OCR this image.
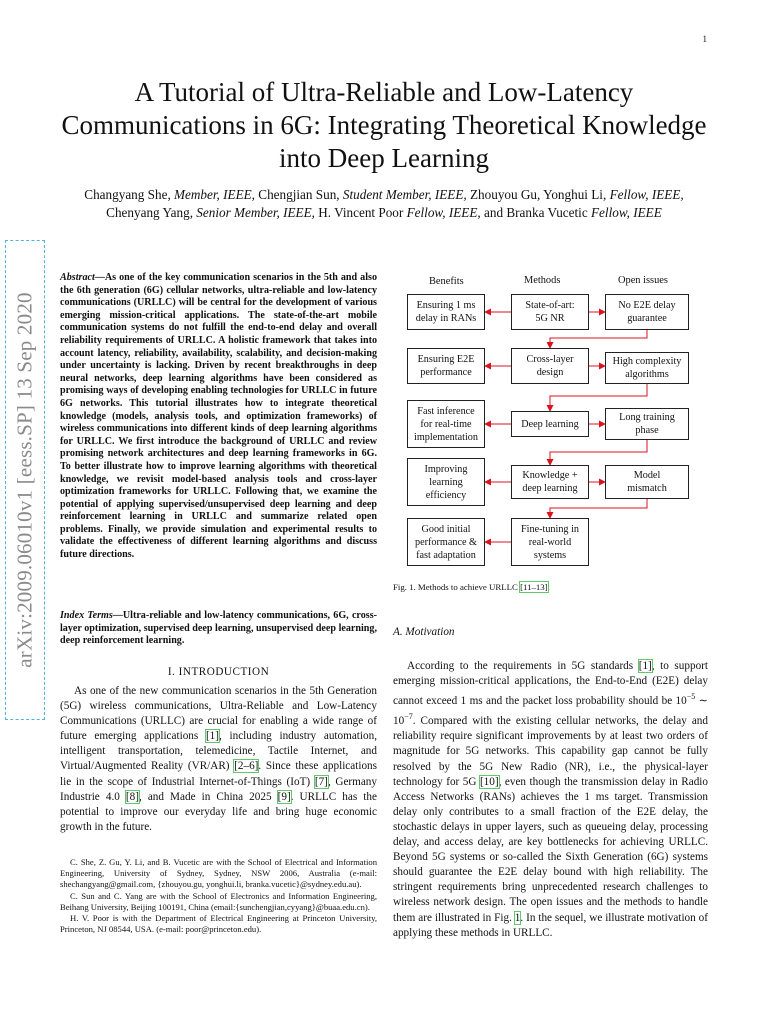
1
arXiv:2009.06010v1 [eess.SP] 13 Sep 2020
A Tutorial of Ultra-Reliable and Low-Latency Communications in 6G: Integrating Theoretical Knowledge into Deep Learning
Changyang She, Member, IEEE, Chengjian Sun, Student Member, IEEE, Zhouyou Gu, Yonghui Li, Fellow, IEEE,
Chenyang Yang, Senior Member, IEEE, H. Vincent Poor Fellow, IEEE, and Branka Vucetic Fellow, IEEE
Abstract—As one of the key communication scenarios in the 5th and also the 6th generation (6G) cellular networks, ultra-reliable and low-latency communications (URLLC) will be central for the development of various emerging mission-critical applications. The state-of-the-art mobile communication systems do not fulfill the end-to-end delay and overall reliability requirements of URLLC. A holistic framework that takes into account latency, reliability, availability, scalability, and decision-making under uncertainty is lacking. Driven by recent breakthroughs in deep neural networks, deep learning algorithms have been considered as promising ways of developing enabling technologies for URLLC in future 6G networks. This tutorial illustrates how to integrate theoretical knowledge (models, analysis tools, and optimization frameworks) of wireless communications into different kinds of deep learning algorithms for URLLC. We first introduce the background of URLLC and review promising network architectures and deep learning frameworks in 6G. To better illustrate how to improve learning algorithms with theoretical knowledge, we revisit model-based analysis tools and cross-layer optimization frameworks for URLLC. Following that, we examine the potential of applying supervised/unsupervised deep learning and deep reinforcement learning in URLLC and summarize related open problems. Finally, we provide simulation and experimental results to validate the effectiveness of different learning algorithms and discuss future directions.
Index Terms—Ultra-reliable and low-latency communications, 6G, cross-layer optimization, supervised deep learning, unsupervised deep learning, deep reinforcement learning.
I. INTRODUCTION
As one of the new communication scenarios in the 5th Generation (5G) wireless communications, Ultra-Reliable and Low-Latency Communications (URLLC) are crucial for enabling a wide range of future emerging applications [1], including industry automation, intelligent transportation, telemedicine, Tactile Internet, and Virtual/Augmented Reality (VR/AR) [2–6]. Since these applications lie in the scope of Industrial Internet-of-Things (IoT) [7], Germany Industrie 4.0 [8], and Made in China 2025 [9]. URLLC has the potential to improve our everyday life and bring huge economic growth in the future.

C. She, Z. Gu, Y. Li, and B. Vucetic are with the School of Electrical and Information Engineering, University of Sydney, Sydney, NSW 2006, Australia (e-mail: shechangyang@gmail.com, {zhouyou.gu, yonghui.li, branka.vucetic}@sydney.edu.au).

C. Sun and C. Yang are with the School of Electronics and Information Engineering, Beihang University, Beijing 100191, China (email:{sunchengjian,cyyang}@buaa.edu.cn).

H. V. Poor is with the Department of Electrical Engineering at Princeton University, Princeton, NJ 08544, USA. (e-mail: poor@princeton.edu).

Benefits	Methods	Open issues
Ensuring 1 ms
delay in RANs
Ensuring E2E
performance
Fast inference
for real-time
implementation
Improving
learning
efficiency
Good initial
performance &
fast adaptation
State-of-art:
5G NR
Cross-layer
design
Deep learning
Knowledge +
deep learning
Fine-tuning in
real-world
systems
No E2E delay
guarantee
High complexity
algorithms
Long training
phase
Model
mismatch
Fig. 1. Methods to achieve URLLC [11–13].
A. Motivation
According to the requirements in 5G standards [1], to support emerging mission-critical applications, the End-to-End (E2E) delay cannot exceed 1 ms and the packet loss probability should be $10^{-5}$ ∼ $10^{-7}$. Compared with the existing cellular networks, the delay and reliability require significant improvements by at least two orders of magnitude for 5G networks. This capability gap cannot be fully resolved by the 5G New Radio (NR), i.e., the physical-layer technology for 5G [10], even though the transmission delay in Radio Access Networks (RANs) achieves the 1 ms target. Transmission delay only contributes to a small fraction of the E2E delay, the stochastic delays in upper layers, such as queueing delay, processing delay, and access delay, are key bottlenecks for achieving URLLC. Beyond 5G systems or so-called the Sixth Generation (6G) systems should guarantee the E2E delay bound with high reliability. The stringent requirements bring unprecedented research challenges to wireless network design. The open issues and the methods to handle them are illustrated in Fig. 1. In the sequel, we illustrate motivation of applying these methods in URLLC.
